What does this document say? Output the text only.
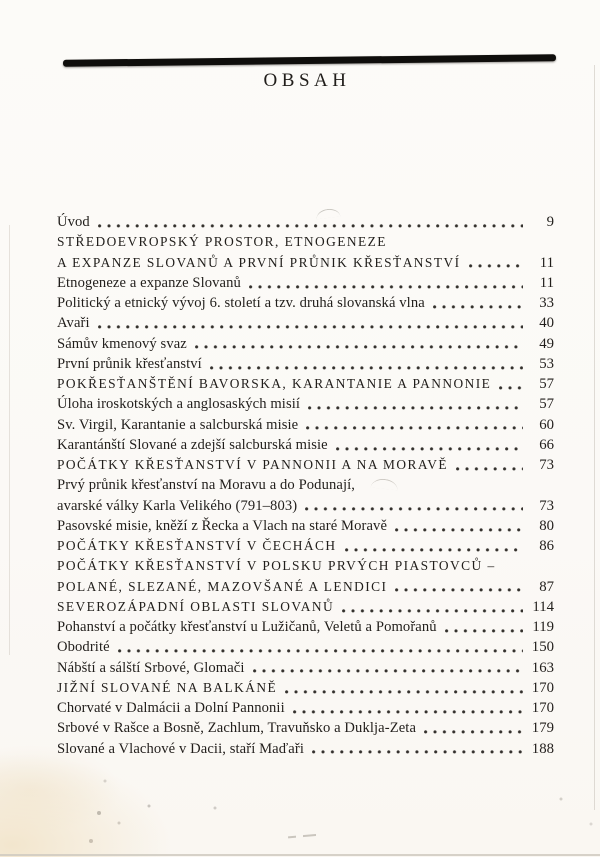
OBSAH
Úvod	9
STŘEDOEVROPSKÝ PROSTOR, ETNOGENEZE
A EXPANZE SLOVANŮ A PRVNÍ PRŮNIK KŘESŤANSTVÍ	11
Etnogeneze a expanze Slovanů	11
Politický a etnický vývoj 6. století a tzv. druhá slovanská vlna	33
Avaři	40
Sámův kmenový svaz	49
První průnik křesťanství	53
POKŘESŤANŠTĚNÍ BAVORSKA, KARANTANIE A PANNONIE	57
Úloha iroskotských a anglosaských misií	57
Sv. Virgil, Karantanie a salcburská misie	60
Karantánští Slované a zdejší salcburská misie	66
POČÁTKY KŘESŤANSTVÍ V PANNONII A NA MORAVĚ	73
Prvý průnik křesťanství na Moravu a do Podunají,
avarské války Karla Velikého (791–803)	73
Pasovské misie, kněží z Řecka a Vlach na staré Moravě	80
POČÁTKY KŘESŤANSTVÍ V ČECHÁCH	86
POČÁTKY KŘESŤANSTVÍ V POLSKU PRVÝCH PIASTOVCŮ –
POLANÉ, SLEZANÉ, MAZOVŠANÉ A LENDICI	87
SEVEROZÁPADNÍ OBLASTI SLOVANŮ	114
Pohanství a počátky křesťanství u Lužičanů, Veletů a Pomořanů	119
Obodrité	150
Nábští a sálští Srbové, Glomači	163
JIŽNÍ SLOVANÉ NA BALKÁNĚ	170
Chorvaté v Dalmácii a Dolní Pannonii	170
Srbové v Rašce a Bosně, Zachlum, Travuňsko a Duklja-Zeta	179
Slované a Vlachové v Dacii, staří Maďaři	188
